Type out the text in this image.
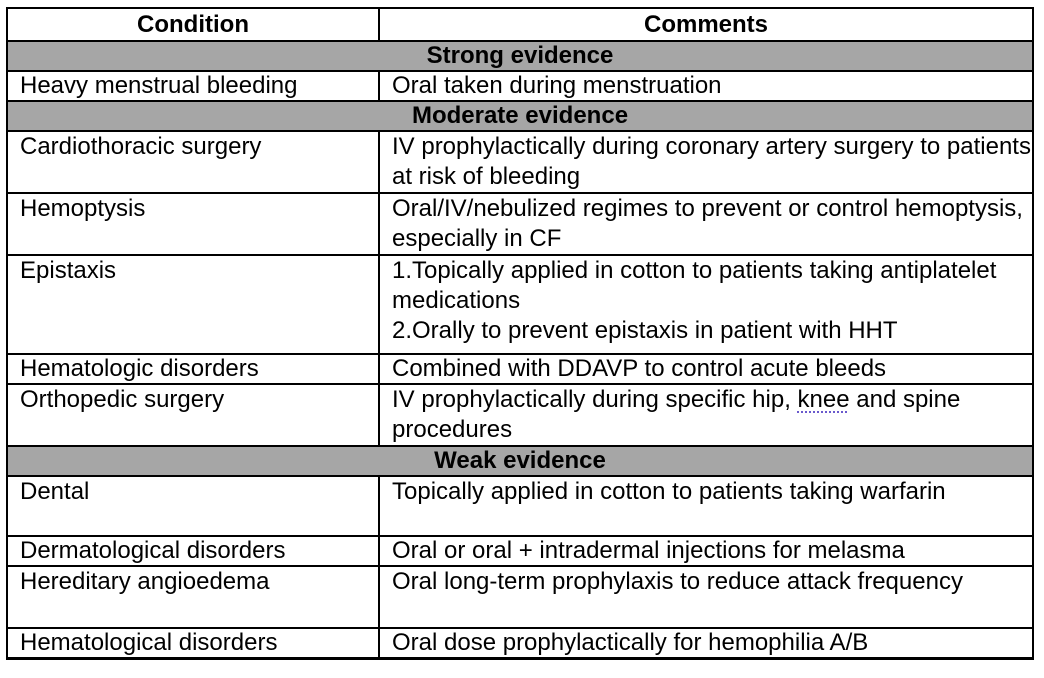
Condition	Comments
Strong evidence	
Heavy menstrual bleeding	Oral taken during menstruation
Moderate evidence	
Cardiothoracic surgery	IV prophylactically during coronary artery surgery to patients at risk of bleeding
Hemoptysis	Oral/IV/nebulized regimes to prevent or control hemoptysis, especially in CF
Epistaxis	1.Topically applied in cotton to patients taking antiplatelet medications
2.Orally to prevent epistaxis in patient with HHT

Hematologic disorders	Combined with DDAVP to control acute bleeds
Orthopedic surgery	IV prophylactically during specific hip, knee and spine procedures
Weak evidence	
Dental	Topically applied in cotton to patients taking warfarin
Dermatological disorders	Oral or oral + intradermal injections for melasma
Hereditary angioedema	Oral long-term prophylaxis to reduce attack frequency
Hematological disorders	Oral dose prophylactically for hemophilia A/B
